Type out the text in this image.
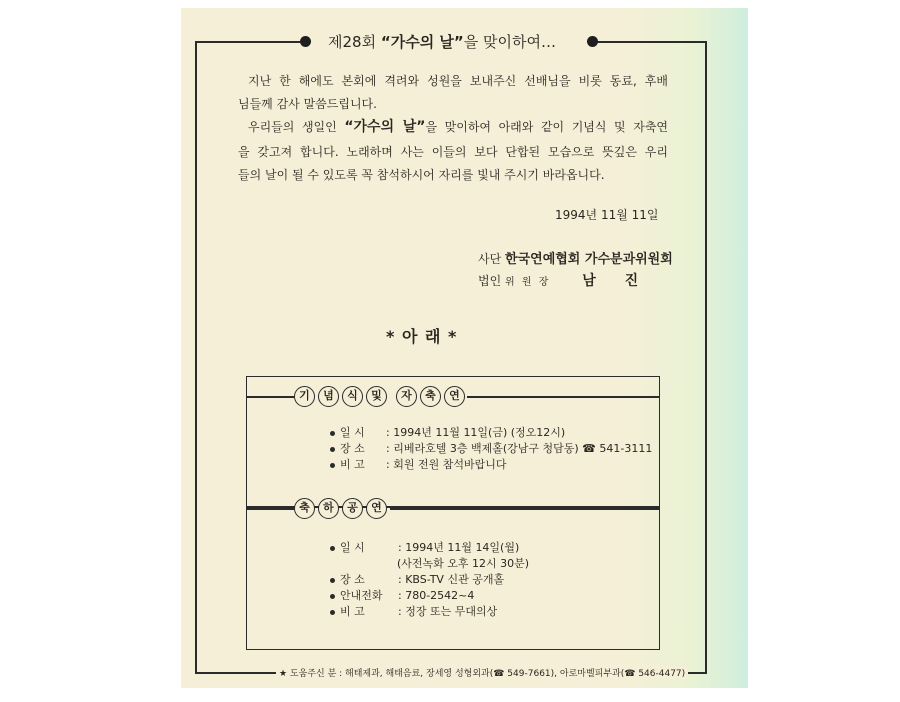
제28회 “가수의 날”을 맞이하여…
지난 한 해에도 본회에 격려와 성원을 보내주신 선배님을 비롯 동료, 후배
님들께 감사 말씀드립니다.
우리들의 생일인 “가수의 날”을 맞이하여 아래와 같이 기념식 및 자축연
을 갖고져 합니다. 노래하며 사는 이들의 보다 단합된 모습으로 뜻깊은 우리
들의 날이 될 수 있도록 꼭 참석하시어 자리를 빛내 주시기 바라옵니다.
1994년 11월 11일
사단 한국연예협회 가수분과위원회
법인 위 원 장 남 진
* 아 래 *
기	념	식	및	자	축	연
일 시 : 1994년 11월 11일(금) (정오12시)
장 소 : 리베라호텔 3층 백제홀(강남구 청담동) ☎ 541-3111
비 고 : 회원 전원 참석바랍니다
축	하	공	연
일 시	: 1994년 11월 14일(월)
(사전녹화 오후 12시 30분)
장 소	: KBS-TV 신관 공개홀
안내전화 : 780-2542~4
비 고	: 정장 또는 무대의상
★ 도움주신 분 : 해태제과, 해태음료, 장세영 성형외과(☎ 549-7661), 아로마벨피부과(☎ 546-4477)
